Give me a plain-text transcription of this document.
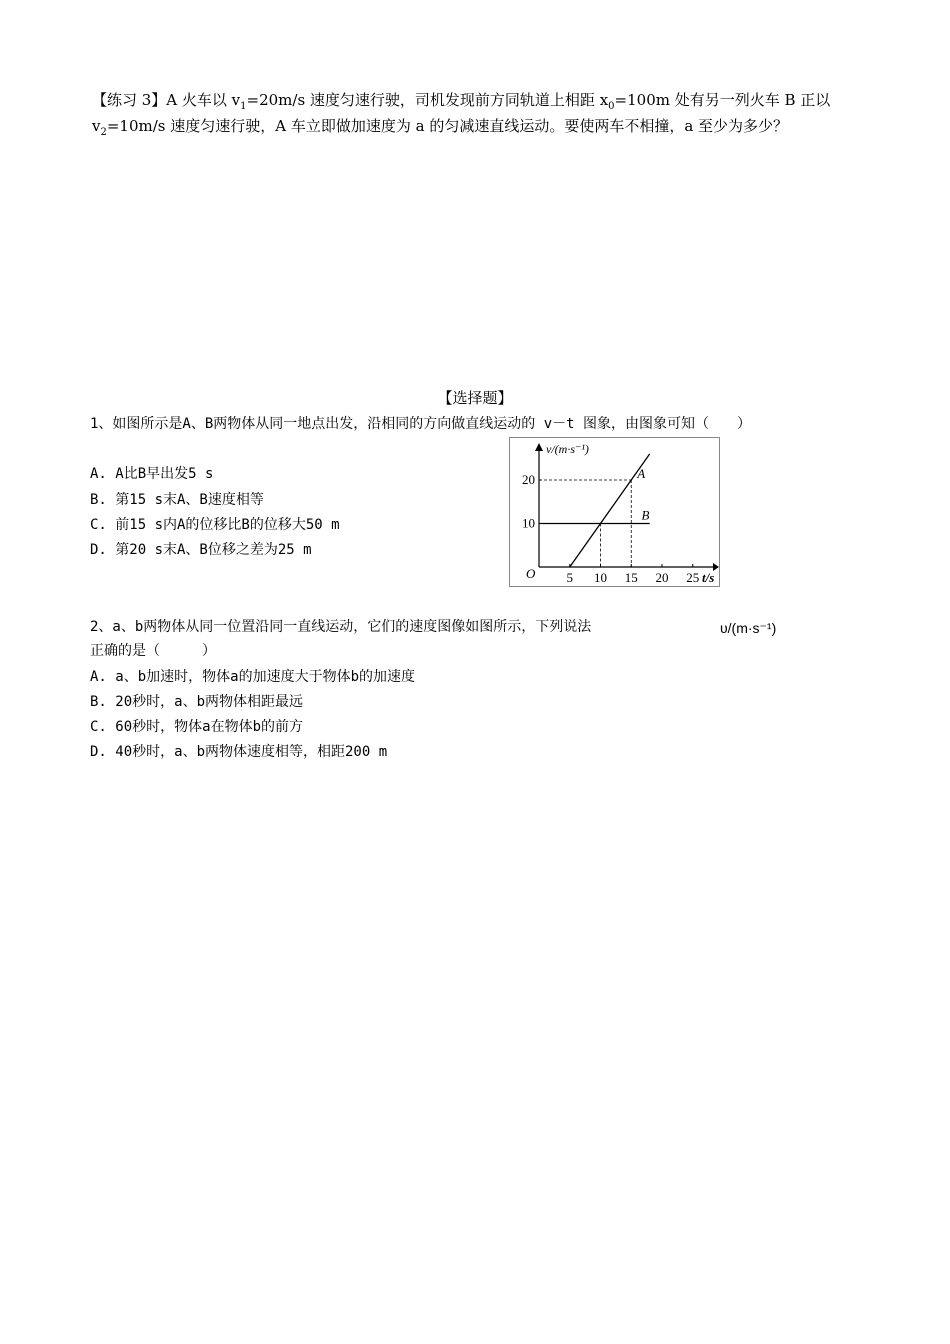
【练习 3】A 火车以 $v_1=20m/s$ 速度匀速行驶，司机发现前方同轨道上相距 $x_0=100m$ 处有另一列火车 B 正以
$v_2=10m/s$ 速度匀速行驶，A 车立即做加速度为 a 的匀减速直线运动。要使两车不相撞，a 至少为多少？
【选择题】
1、如图所示是A、B两物体从同一地点出发，沿相同的方向做直线运动的 v－t 图象，由图象可知（　　）
A. A比B早出发5 s
B. 第15 s末A、B速度相等
C. 前15 s内A的位移比B的位移大50 m
D. 第20 s末A、B位移之差为25 m
v/(m·s⁻¹)
t/s
O 5 10 15 20 25
10
20	A
B
2、a、b两物体从同一位置沿同一直线运动，它们的速度图像如图所示，下列说法	υ/(m·s⁻¹)
正确的是（　　　）
A. a、b加速时，物体a的加速度大于物体b的加速度
B. 20秒时，a、b两物体相距最远
C. 60秒时，物体a在物体b的前方
D. 40秒时，a、b两物体速度相等，相距200 m
